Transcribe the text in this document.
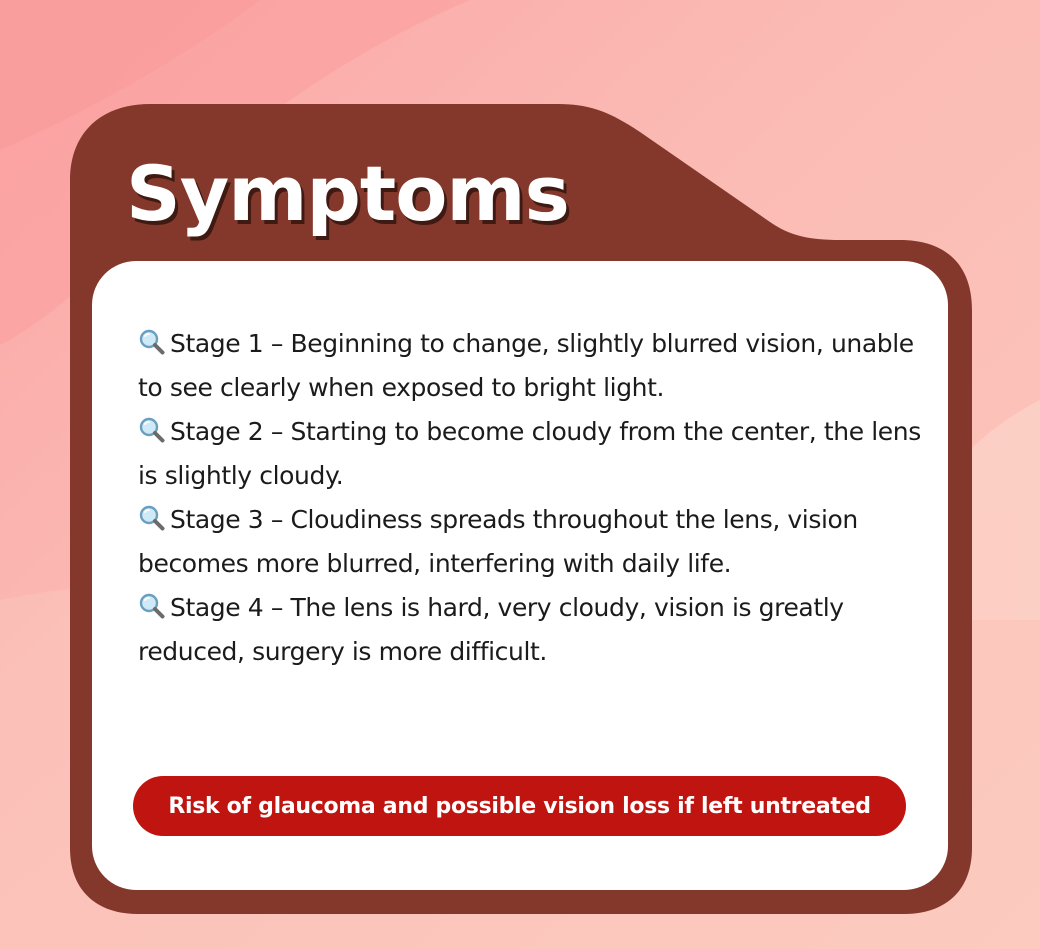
Symptoms
Stage 1 – Beginning to change, slightly blurred vision, unable to see clearly when exposed to bright light.
Stage 2 – Starting to become cloudy from the center, the lens is slightly cloudy.
Stage 3 – Cloudiness spreads throughout the lens, vision becomes more blurred, interfering with daily life.
Stage 4 – The lens is hard, very cloudy, vision is greatly reduced, surgery is more difficult.
Risk of glaucoma and possible vision loss if left untreated
